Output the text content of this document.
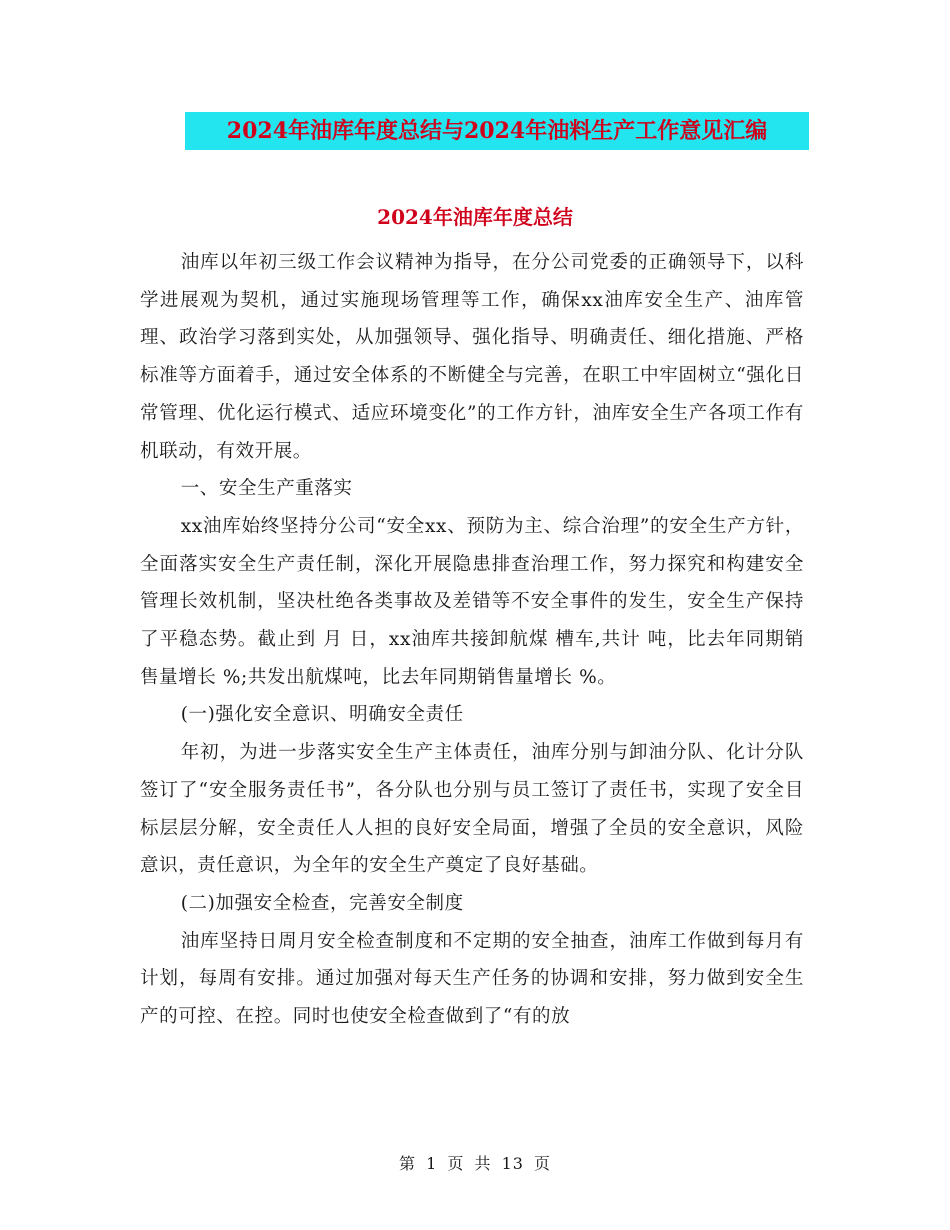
2024年油库年度总结与2024年油料生产工作意见汇编
2024年油库年度总结

油库以年初三级工作会议精神为指导，在分公司党委的正确领导下，以科学进展观为契机，通过实施现场管理等工作，确保xx油库安全生产、油库管理、政治学习落到实处，从加强领导、强化指导、明确责任、细化措施、严格标准等方面着手，通过安全体系的不断健全与完善，在职工中牢固树立“强化日常管理、优化运行模式、适应环境变化”的工作方针，油库安全生产各项工作有机联动，有效开展。

一、安全生产重落实

xx油库始终坚持分公司“安全xx、预防为主、综合治理”的安全生产方针，全面落实安全生产责任制，深化开展隐患排查治理工作，努力探究和构建安全管理长效机制，坚决杜绝各类事故及差错等不安全事件的发生，安全生产保持了平稳态势。截止到 月 日，xx油库共接卸航煤 槽车,共计 吨，比去年同期销售量增长 %;共发出航煤吨，比去年同期销售量增长 %。

(一)强化安全意识、明确安全责任

年初，为进一步落实安全生产主体责任，油库分别与卸油分队、化计分队签订了“安全服务责任书”，各分队也分别与员工签订了责任书，实现了安全目标层层分解，安全责任人人担的良好安全局面，增强了全员的安全意识，风险意识，责任意识，为全年的安全生产奠定了良好基础。

(二)加强安全检查，完善安全制度

油库坚持日周月安全检查制度和不定期的安全抽查，油库工作做到每月有计划，每周有安排。通过加强对每天生产任务的协调和安排，努力做到安全生产的可控、在控。同时也使安全检查做到了“有的放

第 1 页 共 13 页
